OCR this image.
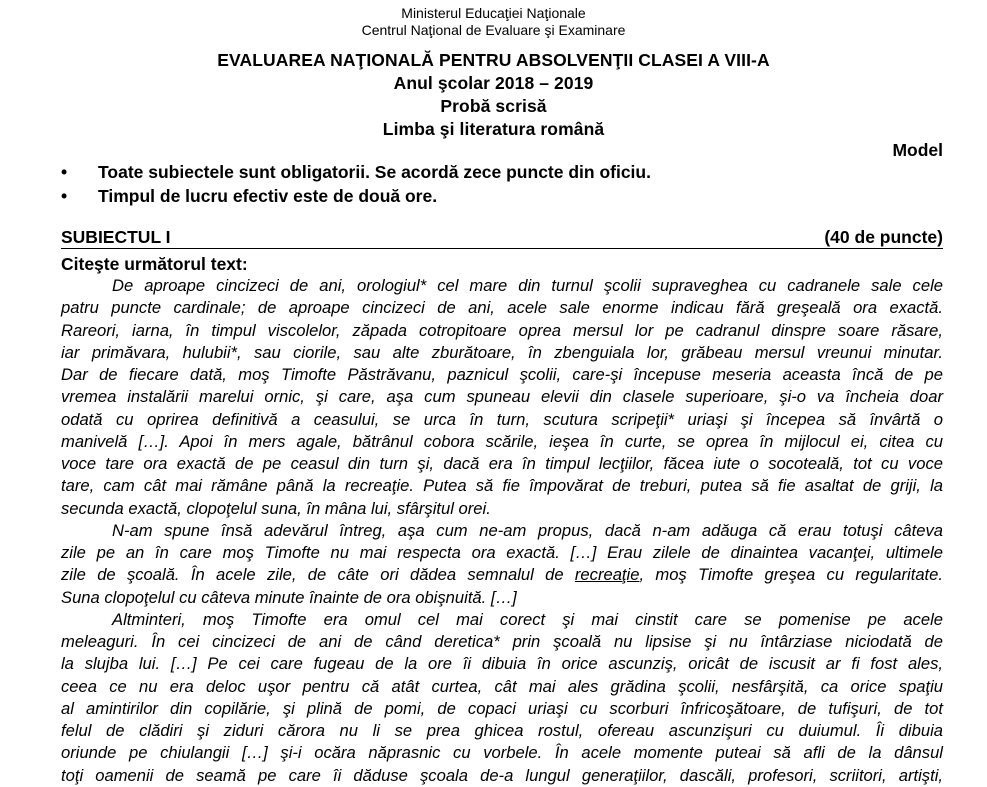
Ministerul Educaţiei Naţionale
Centrul Naţional de Evaluare şi Examinare
EVALUAREA NAŢIONALĂ PENTRU ABSOLVENŢII CLASEI A VIII-A
Anul şcolar 2018 – 2019
Probă scrisă
Limba şi literatura română
Model
• Toate subiectele sunt obligatorii. Se acordă zece puncte din oficiu.
• Timpul de lucru efectiv este de două ore.
SUBIECTUL I	(40 de puncte)
Citeşte următorul text:
De aproape cincizeci de ani, orologiul* cel mare din turnul şcolii supraveghea cu cadranele sale cele
patru puncte cardinale; de aproape cincizeci de ani, acele sale enorme indicau fără greşeală ora exactă.
Rareori, iarna, în timpul viscolelor, zăpada cotropitoare oprea mersul lor pe cadranul dinspre soare răsare,
iar primăvara, hulubii*, sau ciorile, sau alte zburătoare, în zbenguiala lor, grăbeau mersul vreunui minutar.
Dar de fiecare dată, moş Timofte Păstrăvanu, paznicul şcolii, care-şi începuse meseria aceasta încă de pe
vremea instalării marelui ornic, şi care, aşa cum spuneau elevii din clasele superioare, şi-o va încheia doar
odată cu oprirea definitivă a ceasului, se urca în turn, scutura scripeţii* uriaşi şi începea să învârtă o
manivelă […]. Apoi în mers agale, bătrânul cobora scările, ieşea în curte, se oprea în mijlocul ei, citea cu
voce tare ora exactă de pe ceasul din turn şi, dacă era în timpul lecţiilor, făcea iute o socoteală, tot cu voce
tare, cam cât mai rămâne până la recreaţie. Putea să fie împovărat de treburi, putea să fie asaltat de griji, la
secunda exactă, clopoţelul suna, în mâna lui, sfârşitul orei.
N-am spune însă adevărul întreg, aşa cum ne-am propus, dacă n-am adăuga că erau totuşi câteva
zile pe an în care moş Timofte nu mai respecta ora exactă. […] Erau zilele de dinaintea vacanţei, ultimele
zile de şcoală. În acele zile, de câte ori dădea semnalul de recreaţie, moş Timofte greşea cu regularitate.
Suna clopoţelul cu câteva minute înainte de ora obişnuită. […]
Altminteri, moş Timofte era omul cel mai corect şi mai cinstit care se pomenise pe acele
meleaguri. În cei cincizeci de ani de când deretica* prin şcoală nu lipsise şi nu întârziase niciodată de
la slujba lui. […] Pe cei care fugeau de la ore îi dibuia în orice ascunziş, oricât de iscusit ar fi fost ales,
ceea ce nu era deloc uşor pentru că atât curtea, cât mai ales grădina şcolii, nesfârşită, ca orice spaţiu
al amintirilor din copilărie, şi plină de pomi, de copaci uriaşi cu scorburi înfricoşătoare, de tufişuri, de tot
felul de clădiri şi ziduri cărora nu li se prea ghicea rostul, ofereau ascunzişuri cu duiumul. Îi dibuia
oriunde pe chiulangii […] şi-i ocăra năprasnic cu vorbele. În acele momente puteai să afli de la dânsul
toţi oamenii de seamă pe care îi dăduse şcoala de-a lungul generaţiilor, dascăli, profesori, scriitori, artişti,
